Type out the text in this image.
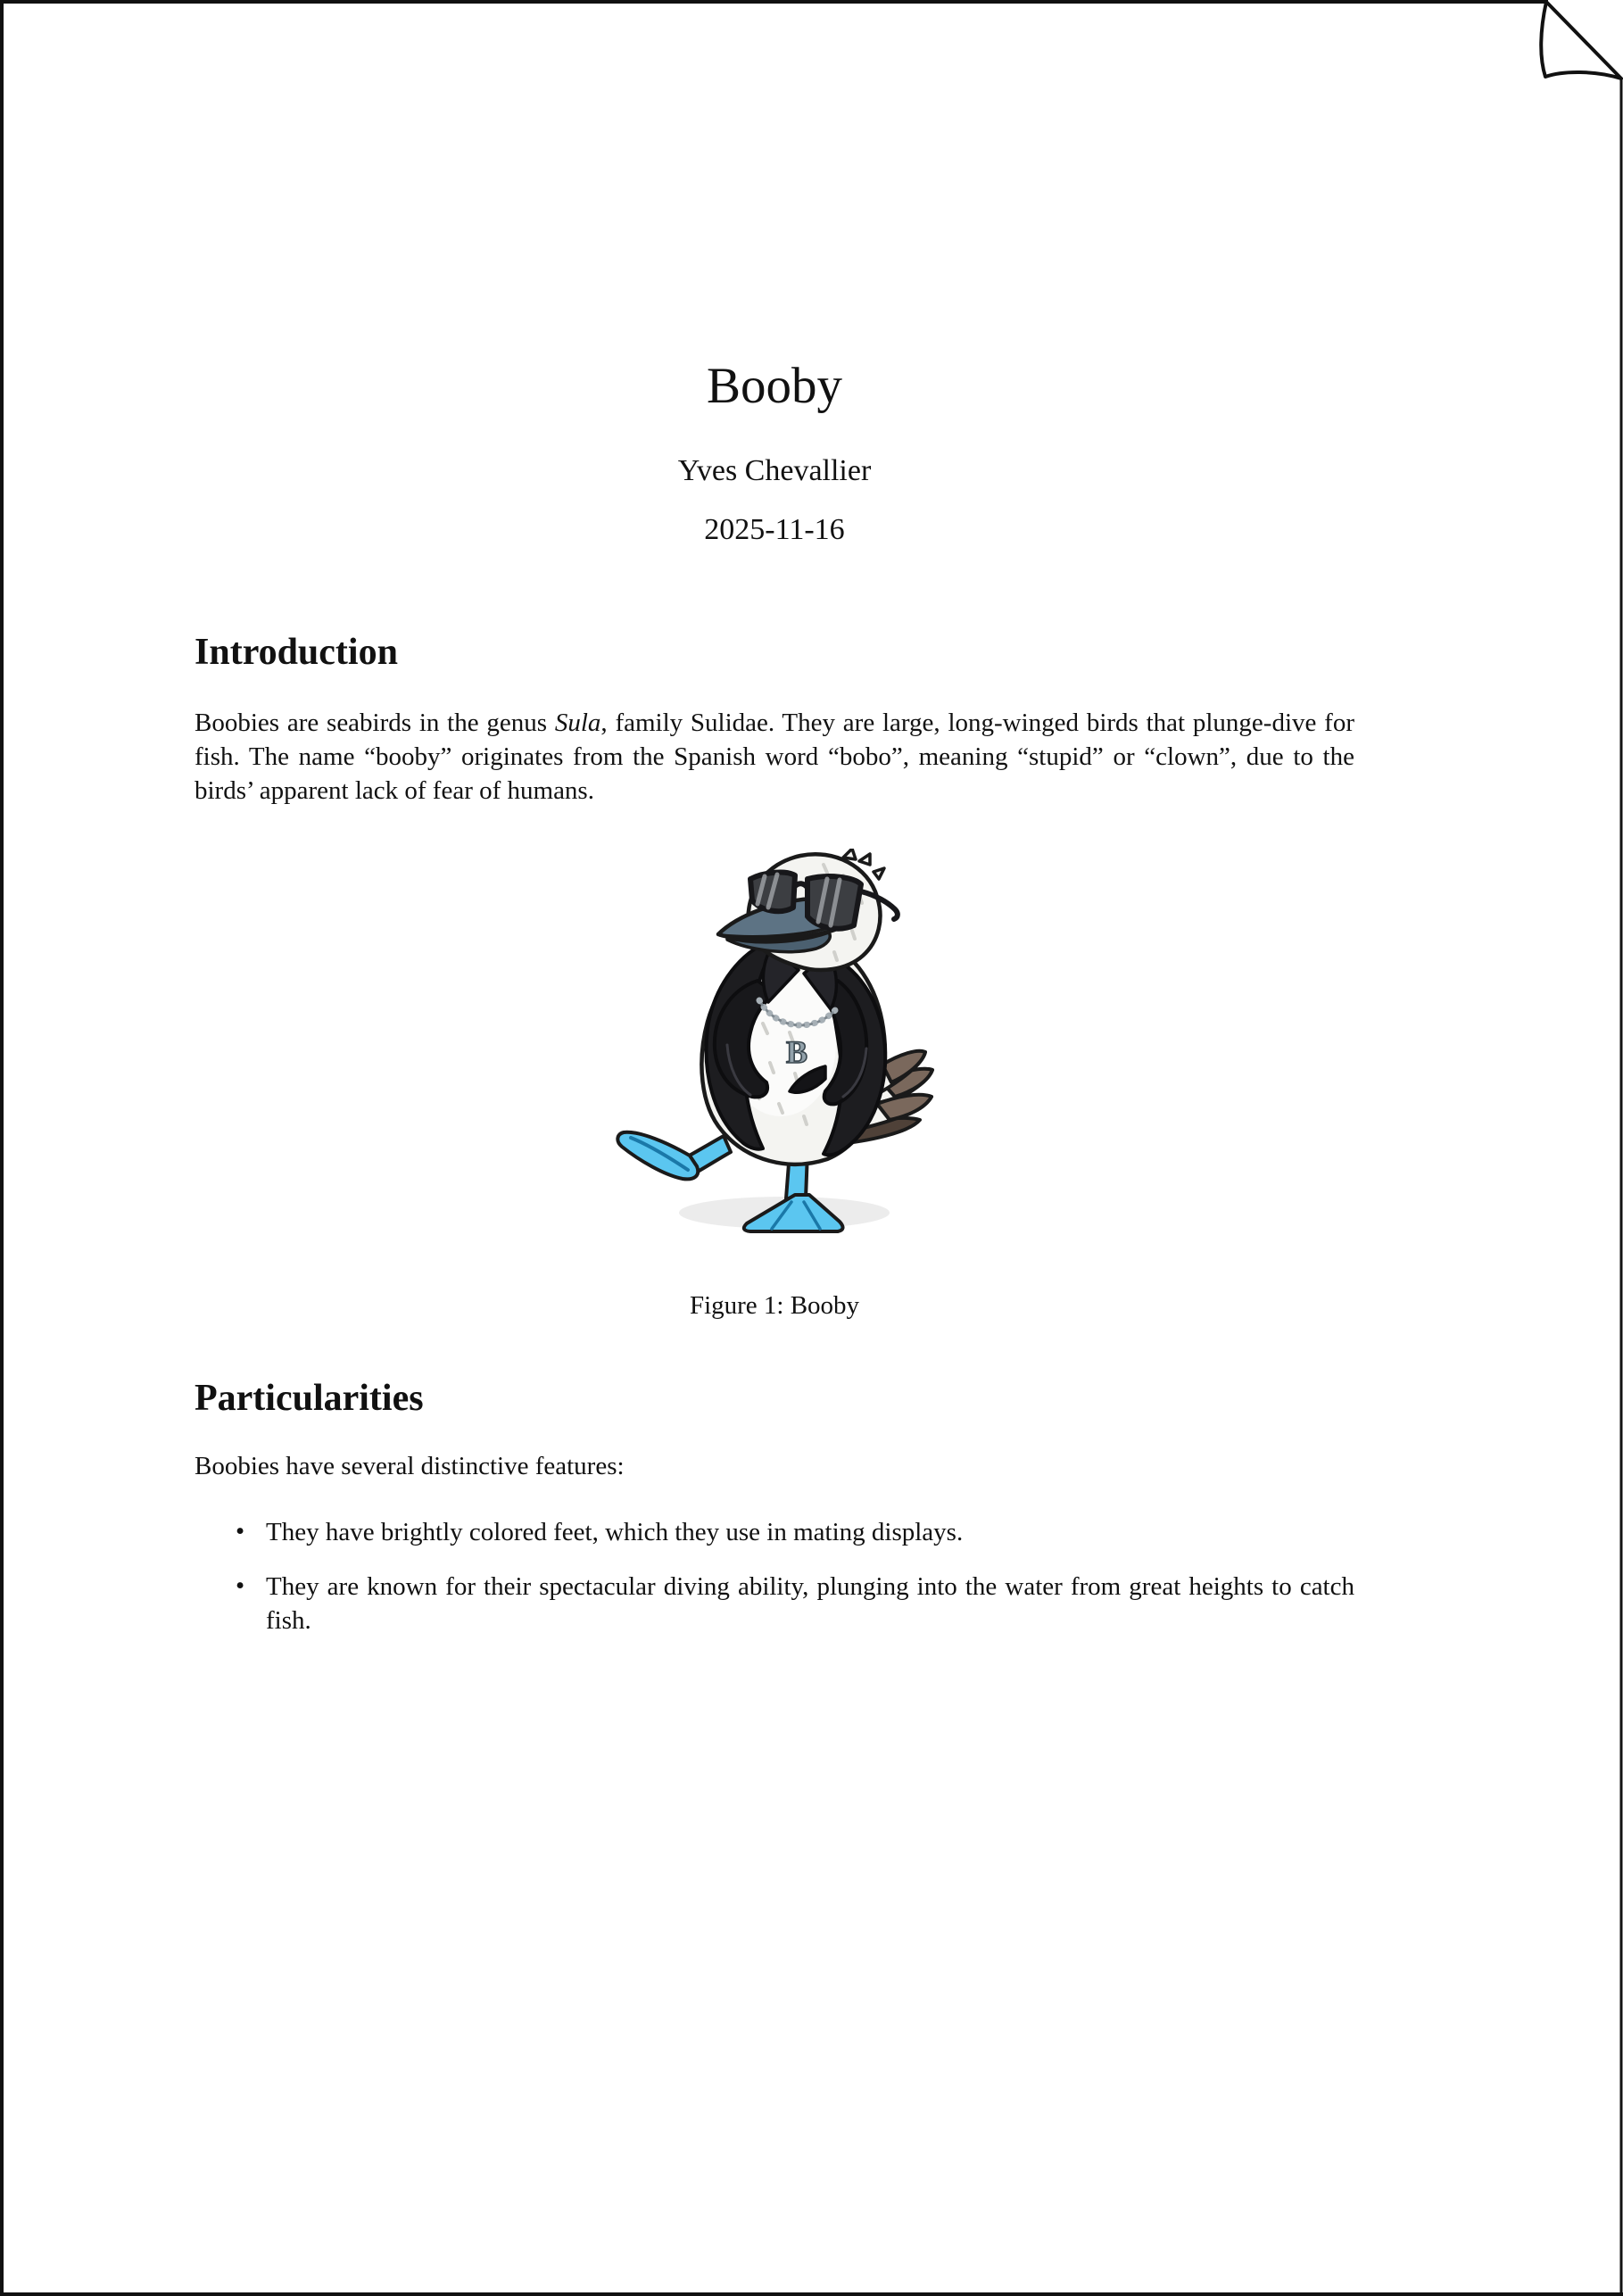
Booby
Yves Chevallier
2025-11-16
Introduction

Boobies are seabirds in the genus Sula, family Sulidae. They are large, long-winged birds that plunge-dive for fish. The name “booby” originates from the Spanish word “bobo”, meaning “stupid” or “clown”, due to the birds’ apparent lack of fear of humans.

B
Figure 1: Booby
Particularities

Boobies have several distinctive features:

• They have brightly colored feet, which they use in mating displays.
• They are known for their spectacular diving ability, plunging into the water from great heights to catch fish.
